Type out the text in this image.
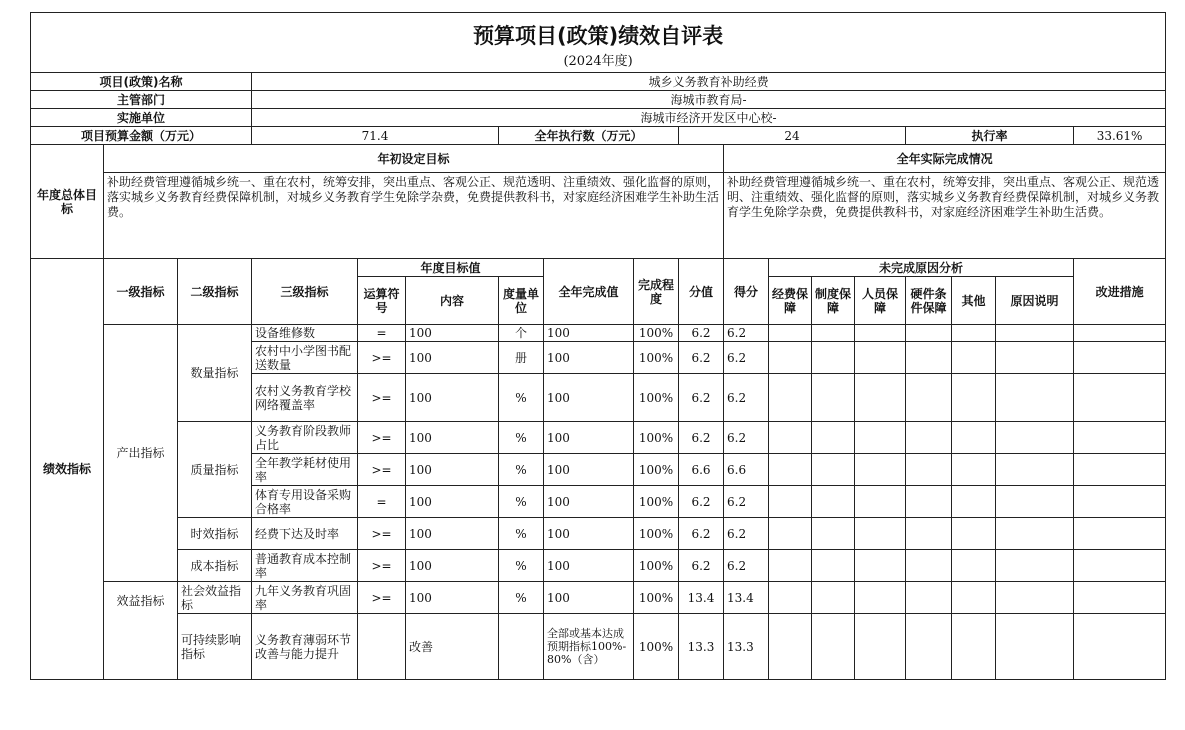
预算项目(政策)绩效自评表																	
(2024年度)																	
项目(政策)名称			城乡义务教育补助经费														
主管部门			海城市教育局-														
实施单位			海城市经济开发区中心校-														
项目预算金额（万元）			71.4			全年执行数（万元）			24					执行率			33.61%
年度总体目标	年初设定目标									全年实际完成情况							
	补助经费管理遵循城乡统一、重在农村，统筹安排，突出重点、客观公正、规范透明、注重绩效、强化监督的原则，落实城乡义务教育经费保障机制，对城乡义务教育学生免除学杂费，免费提供教科书，对家庭经济困难学生补助生活费。									补助经费管理遵循城乡统一、重在农村，统筹安排，突出重点、客观公正、规范透明、注重绩效、强化监督的原则，落实城乡义务教育经费保障机制，对城乡义务教育学生免除学杂费，免费提供教科书，对家庭经济困难学生补助生活费。							
绩效指标	一级指标	二级指标	三级指标	年度目标值			全年完成值	完成程度	分值	得分	未完成原因分析						改进措施
				运算符号	内容	度量单位					经费保障	制度保障	人员保障	硬件条件保障	其他	原因说明	

	产出指标	数量指标	设备维修数	=	100	个	100	100%	6.2	6.2							
			农村中小学图书配送数量	>=	100	册	100	100%	6.2	6.2							
			农村义务教育学校网络覆盖率	>=	100	%	100	100%	6.2	6.2							
		质量指标	义务教育阶段教师占比	>=	100	%	100	100%	6.2	6.2							
			全年教学耗材使用率	>=	100	%	100	100%	6.6	6.6							
			体育专用设备采购合格率	=	100	%	100	100%	6.2	6.2							
		时效指标	经费下达及时率	>=	100	%	100	100%	6.2	6.2							
		成本指标	普通教育成本控制率	>=	100	%	100	100%	6.2	6.2							
	效益指标	社会效益指标	九年义务教育巩固率	>=	100	%	100	100%	13.4	13.4							
		可持续影响指标	义务教育薄弱环节改善与能力提升		改善		全部或基本达成预期指标100%-80%（含）	100%	13.3	13.3							
